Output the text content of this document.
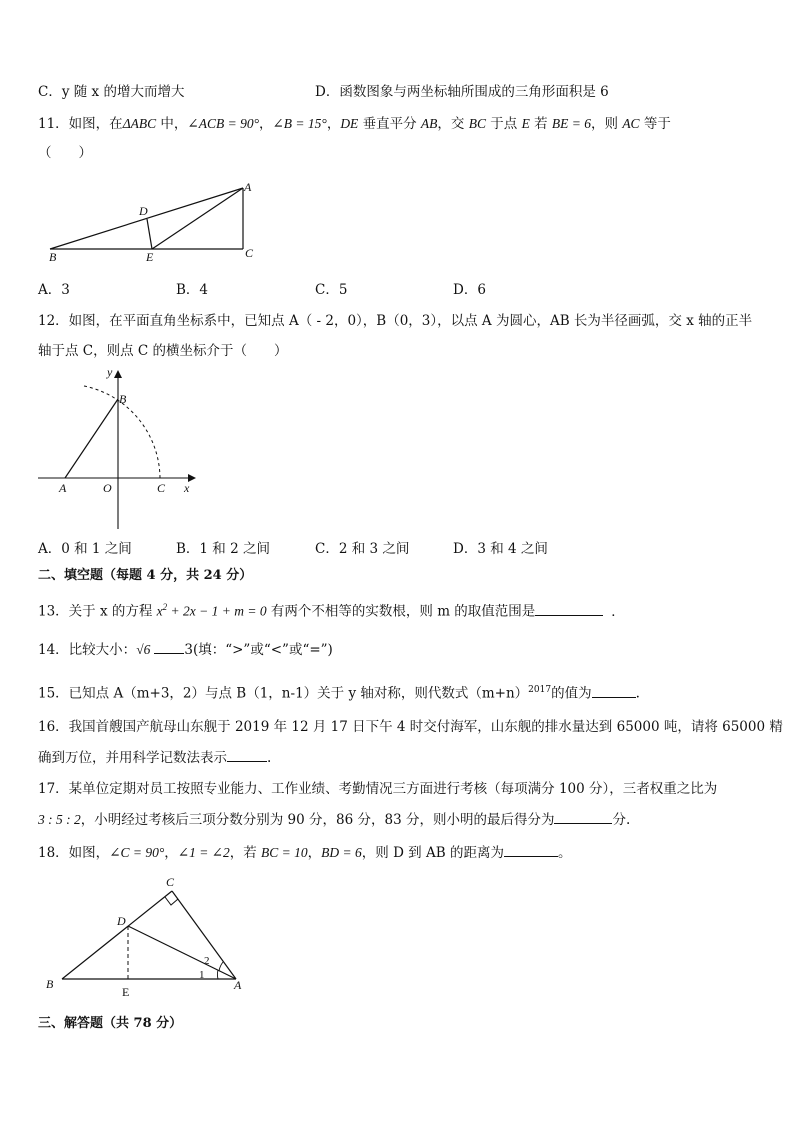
C．y 随 x 的增大而增大	D．函数图象与两坐标轴所围成的三角形面积是 6
11．如图，在ΔABC 中，∠ACB = 90°，∠B = 15°，DE 垂直平分 AB，交 BC 于点 E 若 BE = 6，则 AC 等于
（　　）
A
D
B	E	C
A．3	B．4	C．5	D．6
12．如图，在平面直角坐标系中，已知点 A（ - 2，0），B（0，3），以点 A 为圆心，AB 长为半径画弧，交 x 轴的正半
轴于点 C，则点 C 的横坐标介于（　　）
y
B
A	O	C x
A．0 和 1 之间	B．1 和 2 之间	C．2 和 3 之间	D．3 和 4 之间
二、填空题（每题 4 分，共 24 分）
13．关于 x 的方程 $x^2 + 2x - 1 + m = 0$ 有两个不相等的实数根，则 m 的取值范围是	．
14．比较大小：√6	3(填：“>”或“<”或“=”)
15．已知点 A（m+3，2）与点 B（1，n-1）关于 y 轴对称，则代数式$(m+n)^{2017}$的值为	.
16．我国首艘国产航母山东舰于 2019 年 12 月 17 日下午 4 时交付海军，山东舰的排水量达到 65000 吨，请将 65000 精
确到万位，并用科学记数法表示	.
17．某单位定期对员工按照专业能力、工作业绩、考勤情况三方面进行考核（每项满分 100 分），三者权重之比为
3 : 5 : 2，小明经过考核后三项分数分别为 90 分，86 分，83 分，则小明的最后得分为	分.
18．如图，∠C = 90°，∠1 = ∠2，若 BC = 10，BD = 6，则 D 到 AB 的距离为	。
C
D
B
E	A
1
2
三、解答题（共 78 分）
